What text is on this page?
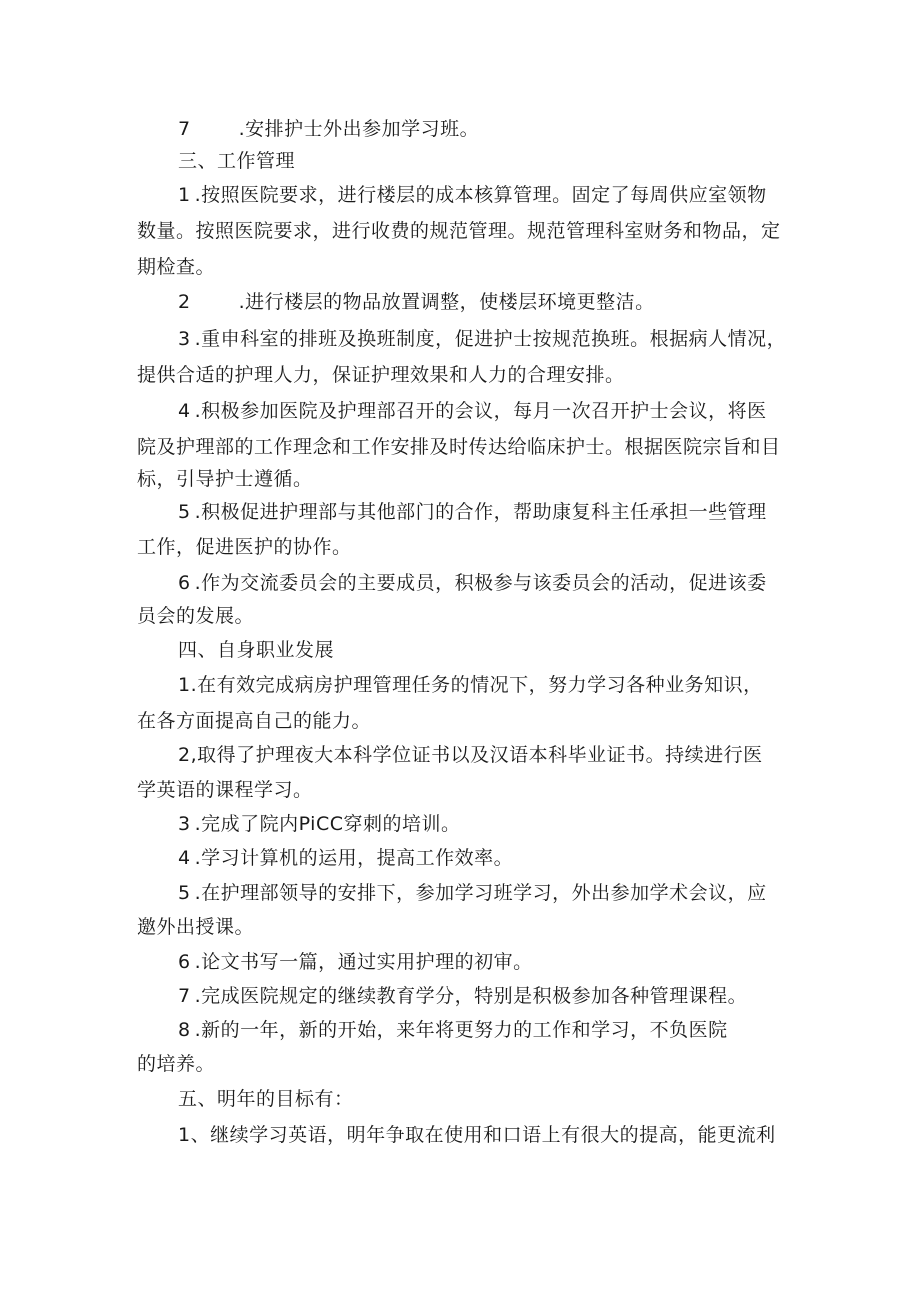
7	.安排护士外出参加学习班。
三、工作管理
1 .按照医院要求，进行楼层的成本核算管理。固定了每周供应室领物
数量。按照医院要求，进行收费的规范管理。规范管理科室财务和物品，定
期检查。
2	.进行楼层的物品放置调整，使楼层环境更整洁。
3 .重申科室的排班及换班制度，促进护士按规范换班。根据病人情况，
提供合适的护理人力，保证护理效果和人力的合理安排。
4 .积极参加医院及护理部召开的会议，每月一次召开护士会议，将医
院及护理部的工作理念和工作安排及时传达给临床护士。根据医院宗旨和目
标，引导护士遵循。
5 .积极促进护理部与其他部门的合作，帮助康复科主任承担一些管理
工作，促进医护的协作。
6 .作为交流委员会的主要成员，积极参与该委员会的活动，促进该委
员会的发展。
四、自身职业发展
1.在有效完成病房护理管理任务的情况下，努力学习各种业务知识，
在各方面提高自己的能力。
2,取得了护理夜大本科学位证书以及汉语本科毕业证书。持续进行医
学英语的课程学习。
3 .完成了院内PiCC穿刺的培训。
4 .学习计算机的运用，提高工作效率。
5 .在护理部领导的安排下，参加学习班学习，外出参加学术会议，应
邀外出授课。
6 .论文书写一篇，通过实用护理的初审。
7 .完成医院规定的继续教育学分，特别是积极参加各种管理课程。
8 .新的一年，新的开始，来年将更努力的工作和学习，不负医院
的培养。
五、明年的目标有：
1、继续学习英语，明年争取在使用和口语上有很大的提高，能更流利
